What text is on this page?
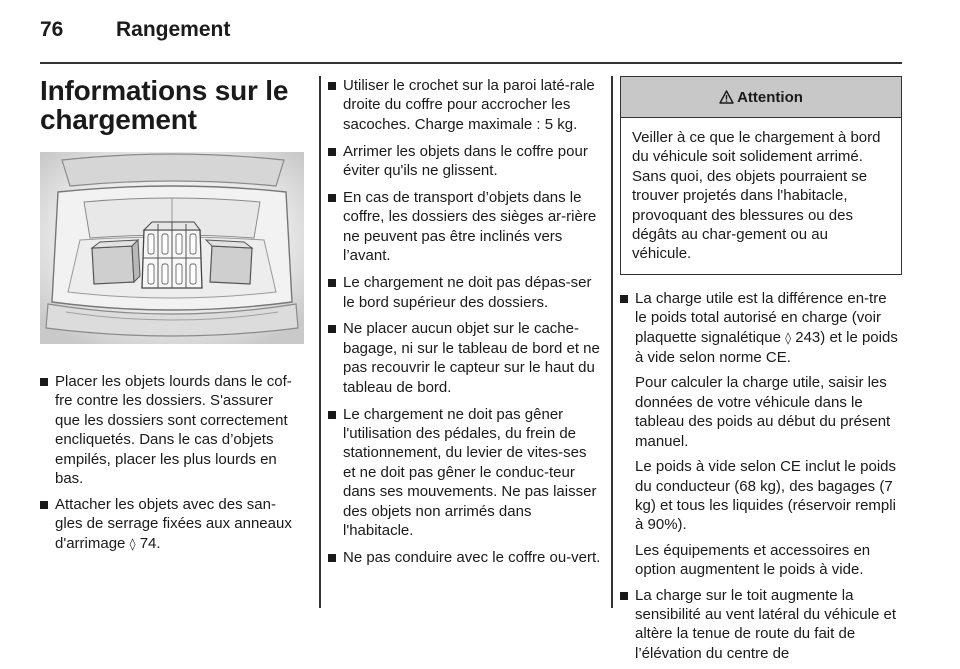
76	Rangement
Informations sur le chargement
Placer les objets lourds dans le cof-fre contre les dossiers. S'assurer que les dossiers sont correctement encliquetés. Dans le cas d’objets empilés, placer les plus lourds en bas.
Attacher les objets avec des san-gles de serrage fixées aux anneaux d'arrimage ◊ 74.
Utiliser le crochet sur la paroi laté-rale droite du coffre pour accrocher les sacoches. Charge maximale : 5 kg.
Arrimer les objets dans le coffre pour éviter qu'ils ne glissent.
En cas de transport d’objets dans le coffre, les dossiers des sièges ar-rière ne peuvent pas être inclinés vers l’avant.
Le chargement ne doit pas dépas-ser le bord supérieur des dossiers.
Ne placer aucun objet sur le cache-bagage, ni sur le tableau de bord et ne pas recouvrir le capteur sur le haut du tableau de bord.
Le chargement ne doit pas gêner l'utilisation des pédales, du frein de stationnement, du levier de vites-ses et ne doit pas gêner le conduc-teur dans ses mouvements. Ne pas laisser des objets non arrimés dans l'habitacle.
Ne pas conduire avec le coffre ou-vert.
Attention
Veiller à ce que le chargement à bord du véhicule soit solidement arrimé. Sans quoi, des objets pourraient se trouver projetés dans l'habitacle, provoquant des blessures ou des dégâts au char-gement ou au véhicule.
La charge utile est la différence en-tre le poids total autorisé en charge (voir plaquette signalétique ◊ 243) et le poids à vide selon norme CE.
Pour calculer la charge utile, saisir les données de votre véhicule dans le tableau des poids au début du présent manuel.
Le poids à vide selon CE inclut le poids du conducteur (68 kg), des bagages (7 kg) et tous les liquides (réservoir rempli à 90%).
Les équipements et accessoires en option augmentent le poids à vide.
La charge sur le toit augmente la sensibilité au vent latéral du véhicule et altère la tenue de route du fait de l’élévation du centre de
